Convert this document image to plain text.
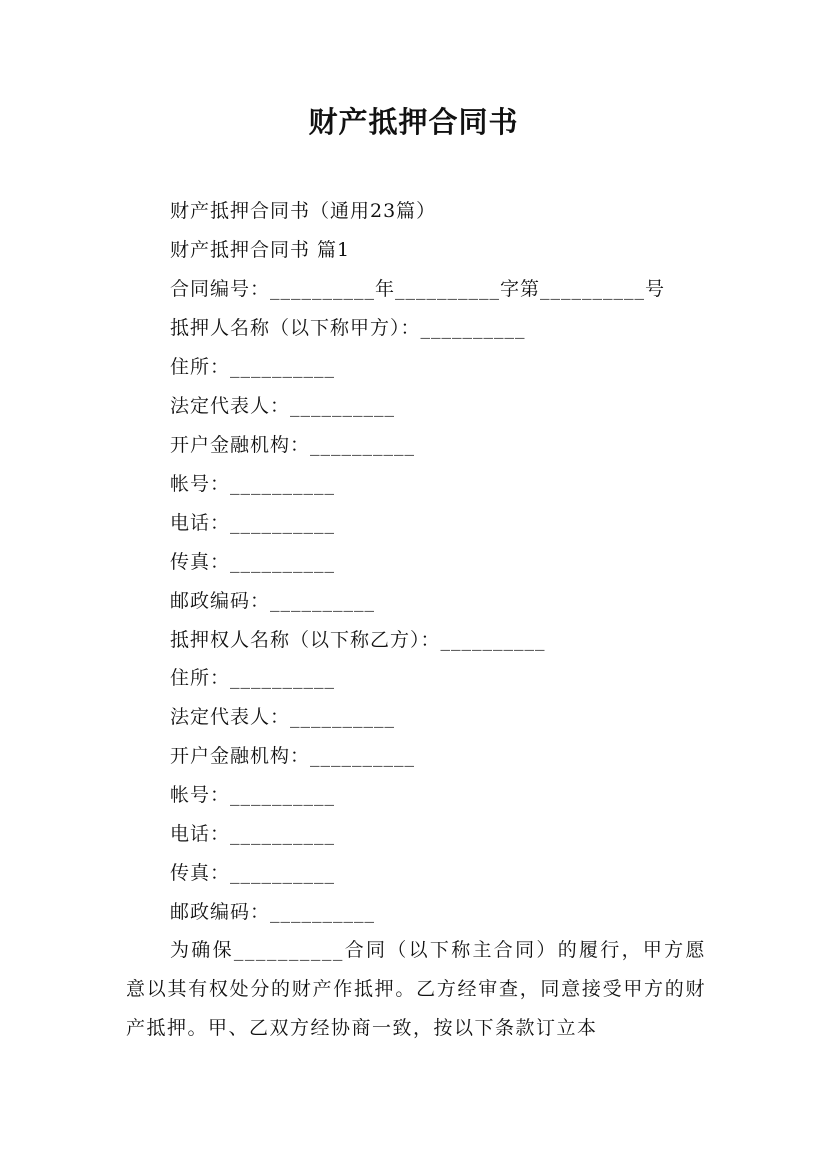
财产抵押合同书
财产抵押合同书（通用23篇）
财产抵押合同书 篇1
合同编号：__________年__________字第__________号
抵押人名称（以下称甲方）：__________
住所：__________
法定代表人：__________
开户金融机构：__________
帐号：__________
电话：__________
传真：__________
邮政编码：__________
抵押权人名称（以下称乙方）：__________
住所：__________
法定代表人：__________
开户金融机构：__________
帐号：__________
电话：__________
传真：__________
邮政编码：__________
为确保__________合同（以下称主合同）的履行，甲方愿意以其有权处分的财产作抵押。乙方经审查，同意接受甲方的财产抵押。甲、乙双方经协商一致，按以下条款订立本
